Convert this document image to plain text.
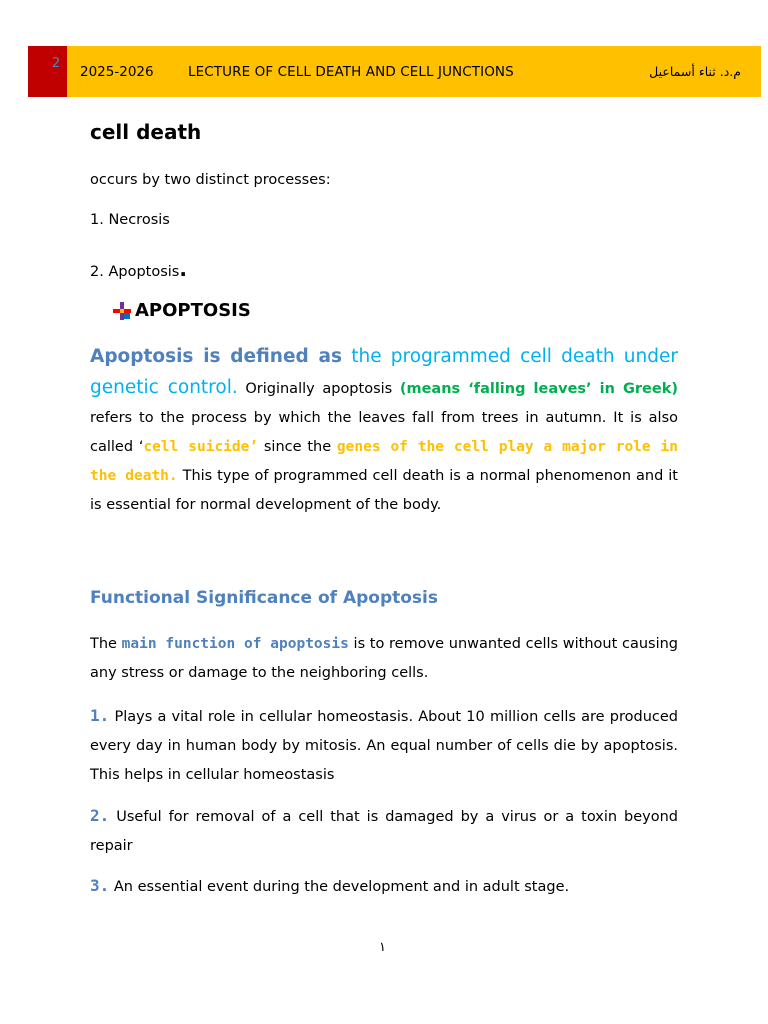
2
2025-2026	LECTURE OF CELL DEATH AND CELL JUNCTIONS	م.د. ثناء أسماعيل
cell death
occurs by two distinct processes:
1. Necrosis
2. Apoptosis.
APOPTOSIS
Apoptosis is defined as the programmed cell death under genetic control. Originally apoptosis (means ‘falling leaves’ in Greek) refers to the process by which the leaves fall from trees in autumn. It is also called ‘cell suicide’ since the genes of the cell play a major role in the death. This type of programmed cell death is a normal phenomenon and it is essential for normal development of the body.
Functional Significance of Apoptosis
The main function of apoptosis is to remove unwanted cells without causing any stress or damage to the neighboring cells.
1. Plays a vital role in cellular homeostasis. About 10 million cells are produced every day in human body by mitosis. An equal number of cells die by apoptosis. This helps in cellular homeostasis
2. Useful for removal of a cell that is damaged by a virus or a toxin beyond repair
3. An essential event during the development and in adult stage.
١
